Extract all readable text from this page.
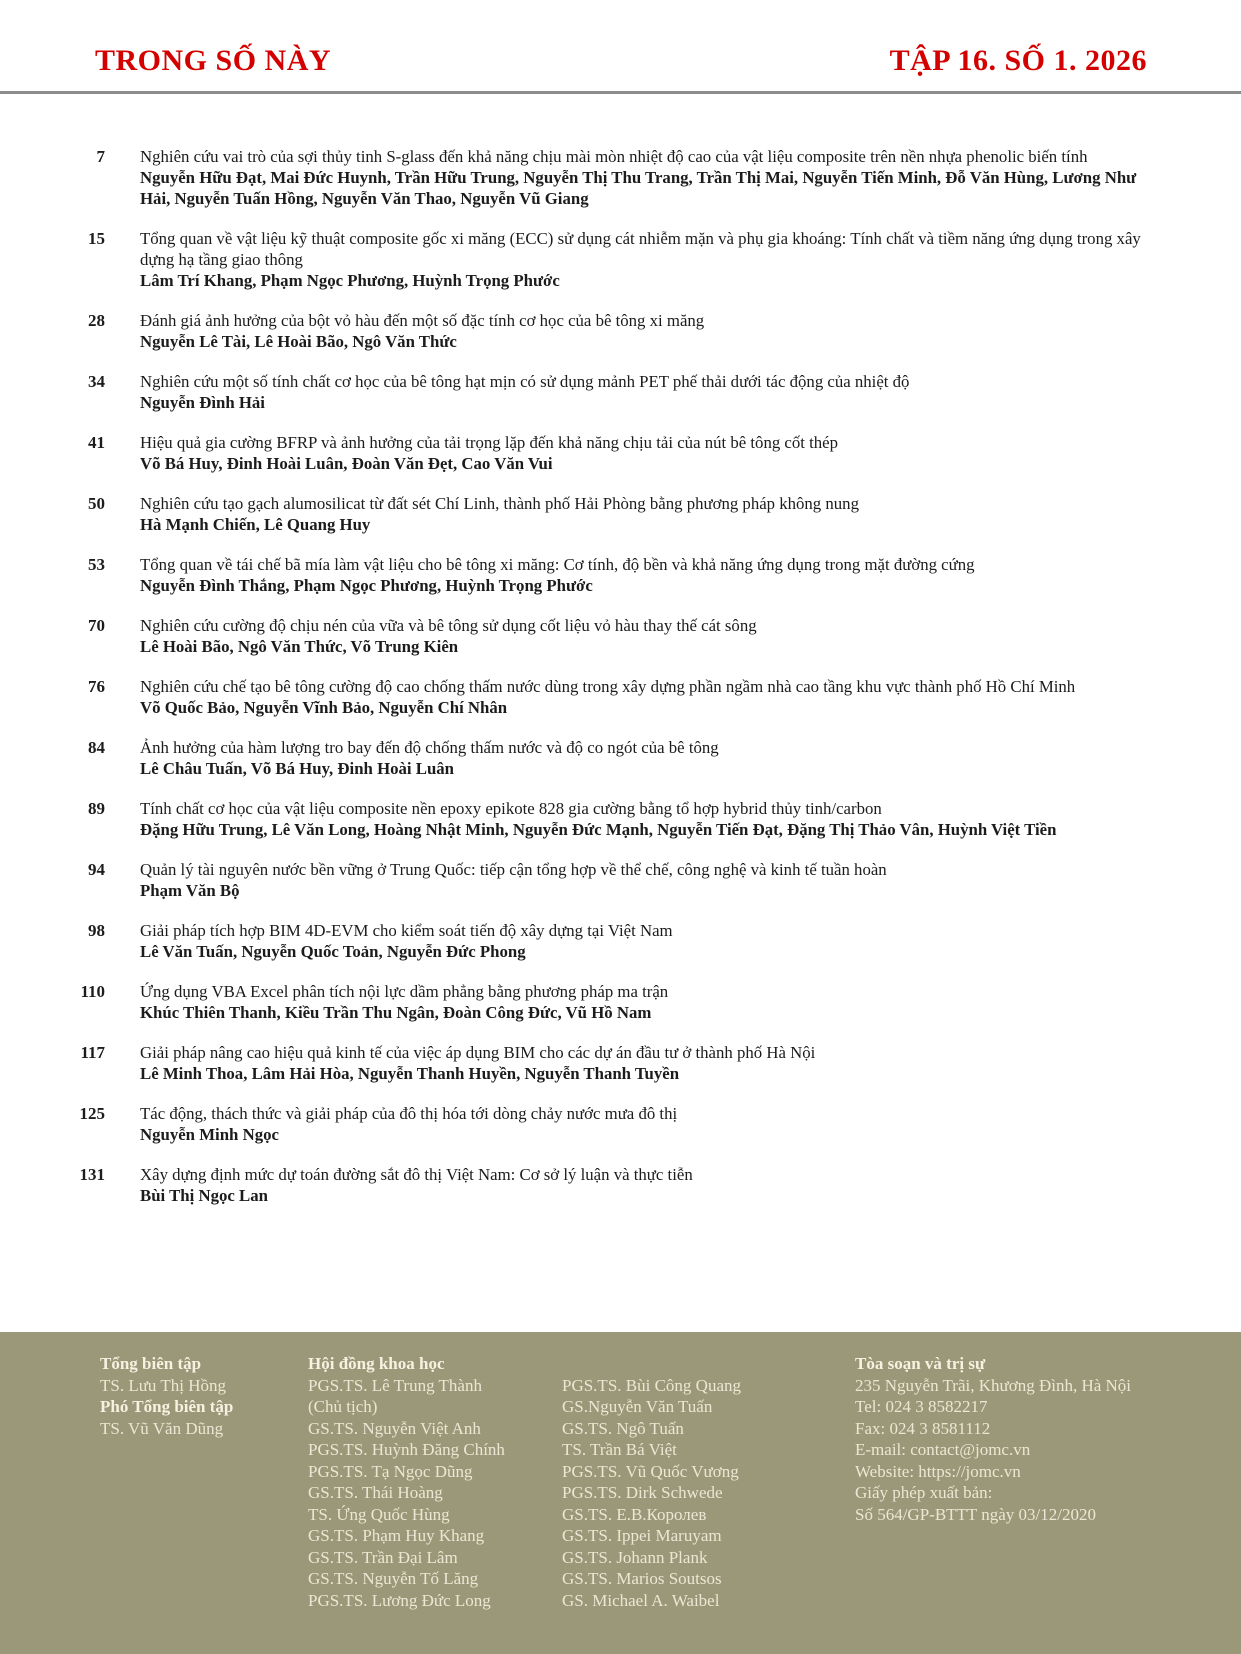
TRONG SỐ NÀY	TẬP 16. SỐ 1. 2026
7 Nghiên cứu vai trò của sợi thủy tinh S-glass đến khả năng chịu mài mòn nhiệt độ cao của vật liệu composite trên nền nhựa phenolic biến tính

Nguyễn Hữu Đạt, Mai Đức Huynh, Trần Hữu Trung, Nguyễn Thị Thu Trang, Trần Thị Mai, Nguyễn Tiến Minh, Đỗ Văn Hùng, Lương Như Hải, Nguyễn Tuấn Hồng, Nguyễn Văn Thao, Nguyễn Vũ Giang

15 Tổng quan về vật liệu kỹ thuật composite gốc xi măng (ECC) sử dụng cát nhiễm mặn và phụ gia khoáng: Tính chất và tiềm năng ứng dụng trong xây dựng hạ tầng giao thông

Lâm Trí Khang, Phạm Ngọc Phương, Huỳnh Trọng Phước

28 Đánh giá ảnh hưởng của bột vỏ hàu đến một số đặc tính cơ học của bê tông xi măng

Nguyễn Lê Tài, Lê Hoài Bão, Ngô Văn Thức

34 Nghiên cứu một số tính chất cơ học của bê tông hạt mịn có sử dụng mảnh PET phế thải dưới tác động của nhiệt độ

Nguyễn Đình Hải

41 Hiệu quả gia cường BFRP và ảnh hưởng của tải trọng lặp đến khả năng chịu tải của nút bê tông cốt thép

Võ Bá Huy, Đinh Hoài Luân, Đoàn Văn Đẹt, Cao Văn Vui

50 Nghiên cứu tạo gạch alumosilicat từ đất sét Chí Linh, thành phố Hải Phòng bằng phương pháp không nung

Hà Mạnh Chiến, Lê Quang Huy

53 Tổng quan về tái chế bã mía làm vật liệu cho bê tông xi măng: Cơ tính, độ bền và khả năng ứng dụng trong mặt đường cứng

Nguyễn Đình Thắng, Phạm Ngọc Phương, Huỳnh Trọng Phước

70 Nghiên cứu cường độ chịu nén của vữa và bê tông sử dụng cốt liệu vỏ hàu thay thế cát sông

Lê Hoài Bão, Ngô Văn Thức, Võ Trung Kiên

76 Nghiên cứu chế tạo bê tông cường độ cao chống thấm nước dùng trong xây dựng phần ngầm nhà cao tầng khu vực thành phố Hồ Chí Minh

Võ Quốc Bảo, Nguyễn Vĩnh Bảo, Nguyễn Chí Nhân

84 Ảnh hưởng của hàm lượng tro bay đến độ chống thấm nước và độ co ngót của bê tông

Lê Châu Tuấn, Võ Bá Huy, Đinh Hoài Luân

89 Tính chất cơ học của vật liệu composite nền epoxy epikote 828 gia cường bằng tổ hợp hybrid thủy tinh/carbon

Đặng Hữu Trung, Lê Văn Long, Hoàng Nhật Minh, Nguyễn Đức Mạnh, Nguyễn Tiến Đạt, Đặng Thị Thảo Vân, Huỳnh Việt Tiền

94 Quản lý tài nguyên nước bền vững ở Trung Quốc: tiếp cận tổng hợp về thể chế, công nghệ và kinh tế tuần hoàn

Phạm Văn Bộ

98 Giải pháp tích hợp BIM 4D-EVM cho kiểm soát tiến độ xây dựng tại Việt Nam

Lê Văn Tuấn, Nguyễn Quốc Toản, Nguyễn Đức Phong

110 Ứng dụng VBA Excel phân tích nội lực dầm phẳng bằng phương pháp ma trận

Khúc Thiên Thanh, Kiều Trần Thu Ngân, Đoàn Công Đức, Vũ Hồ Nam

117 Giải pháp nâng cao hiệu quả kinh tế của việc áp dụng BIM cho các dự án đầu tư ở thành phố Hà Nội

Lê Minh Thoa, Lâm Hải Hòa, Nguyễn Thanh Huyền, Nguyễn Thanh Tuyền

125 Tác động, thách thức và giải pháp của đô thị hóa tới dòng chảy nước mưa đô thị

Nguyễn Minh Ngọc

131 Xây dựng định mức dự toán đường sắt đô thị Việt Nam: Cơ sở lý luận và thực tiễn

Bùi Thị Ngọc Lan

Tổng biên tập

TS. Lưu Thị Hồng

Phó Tổng biên tập

TS. Vũ Văn Dũng

Hội đồng khoa học

PGS.TS. Lê Trung Thành

(Chủ tịch)

GS.TS. Nguyễn Việt Anh

PGS.TS. Huỳnh Đăng Chính

PGS.TS. Tạ Ngọc Dũng

GS.TS. Thái Hoàng

TS. Ứng Quốc Hùng

GS.TS. Phạm Huy Khang

GS.TS. Trần Đại Lâm

GS.TS. Nguyễn Tố Lăng

PGS.TS. Lương Đức Long

PGS.TS. Bùi Công Quang

GS.Nguyễn Văn Tuấn

GS.TS. Ngô Tuấn

TS. Trần Bá Việt

PGS.TS. Vũ Quốc Vương

PGS.TS. Dirk Schwede

GS.TS. E.B.Королев

GS.TS. Ippei Maruyam

GS.TS. Johann Plank

GS.TS. Marios Soutsos

GS. Michael A. Waibel

Tòa soạn và trị sự

235 Nguyễn Trãi, Khương Đình, Hà Nội

Tel: 024 3 8582217

Fax: 024 3 8581112

E-mail: contact@jomc.vn

Website: https://jomc.vn

Giấy phép xuất bản:

Số 564/GP-BTTT ngày 03/12/2020
